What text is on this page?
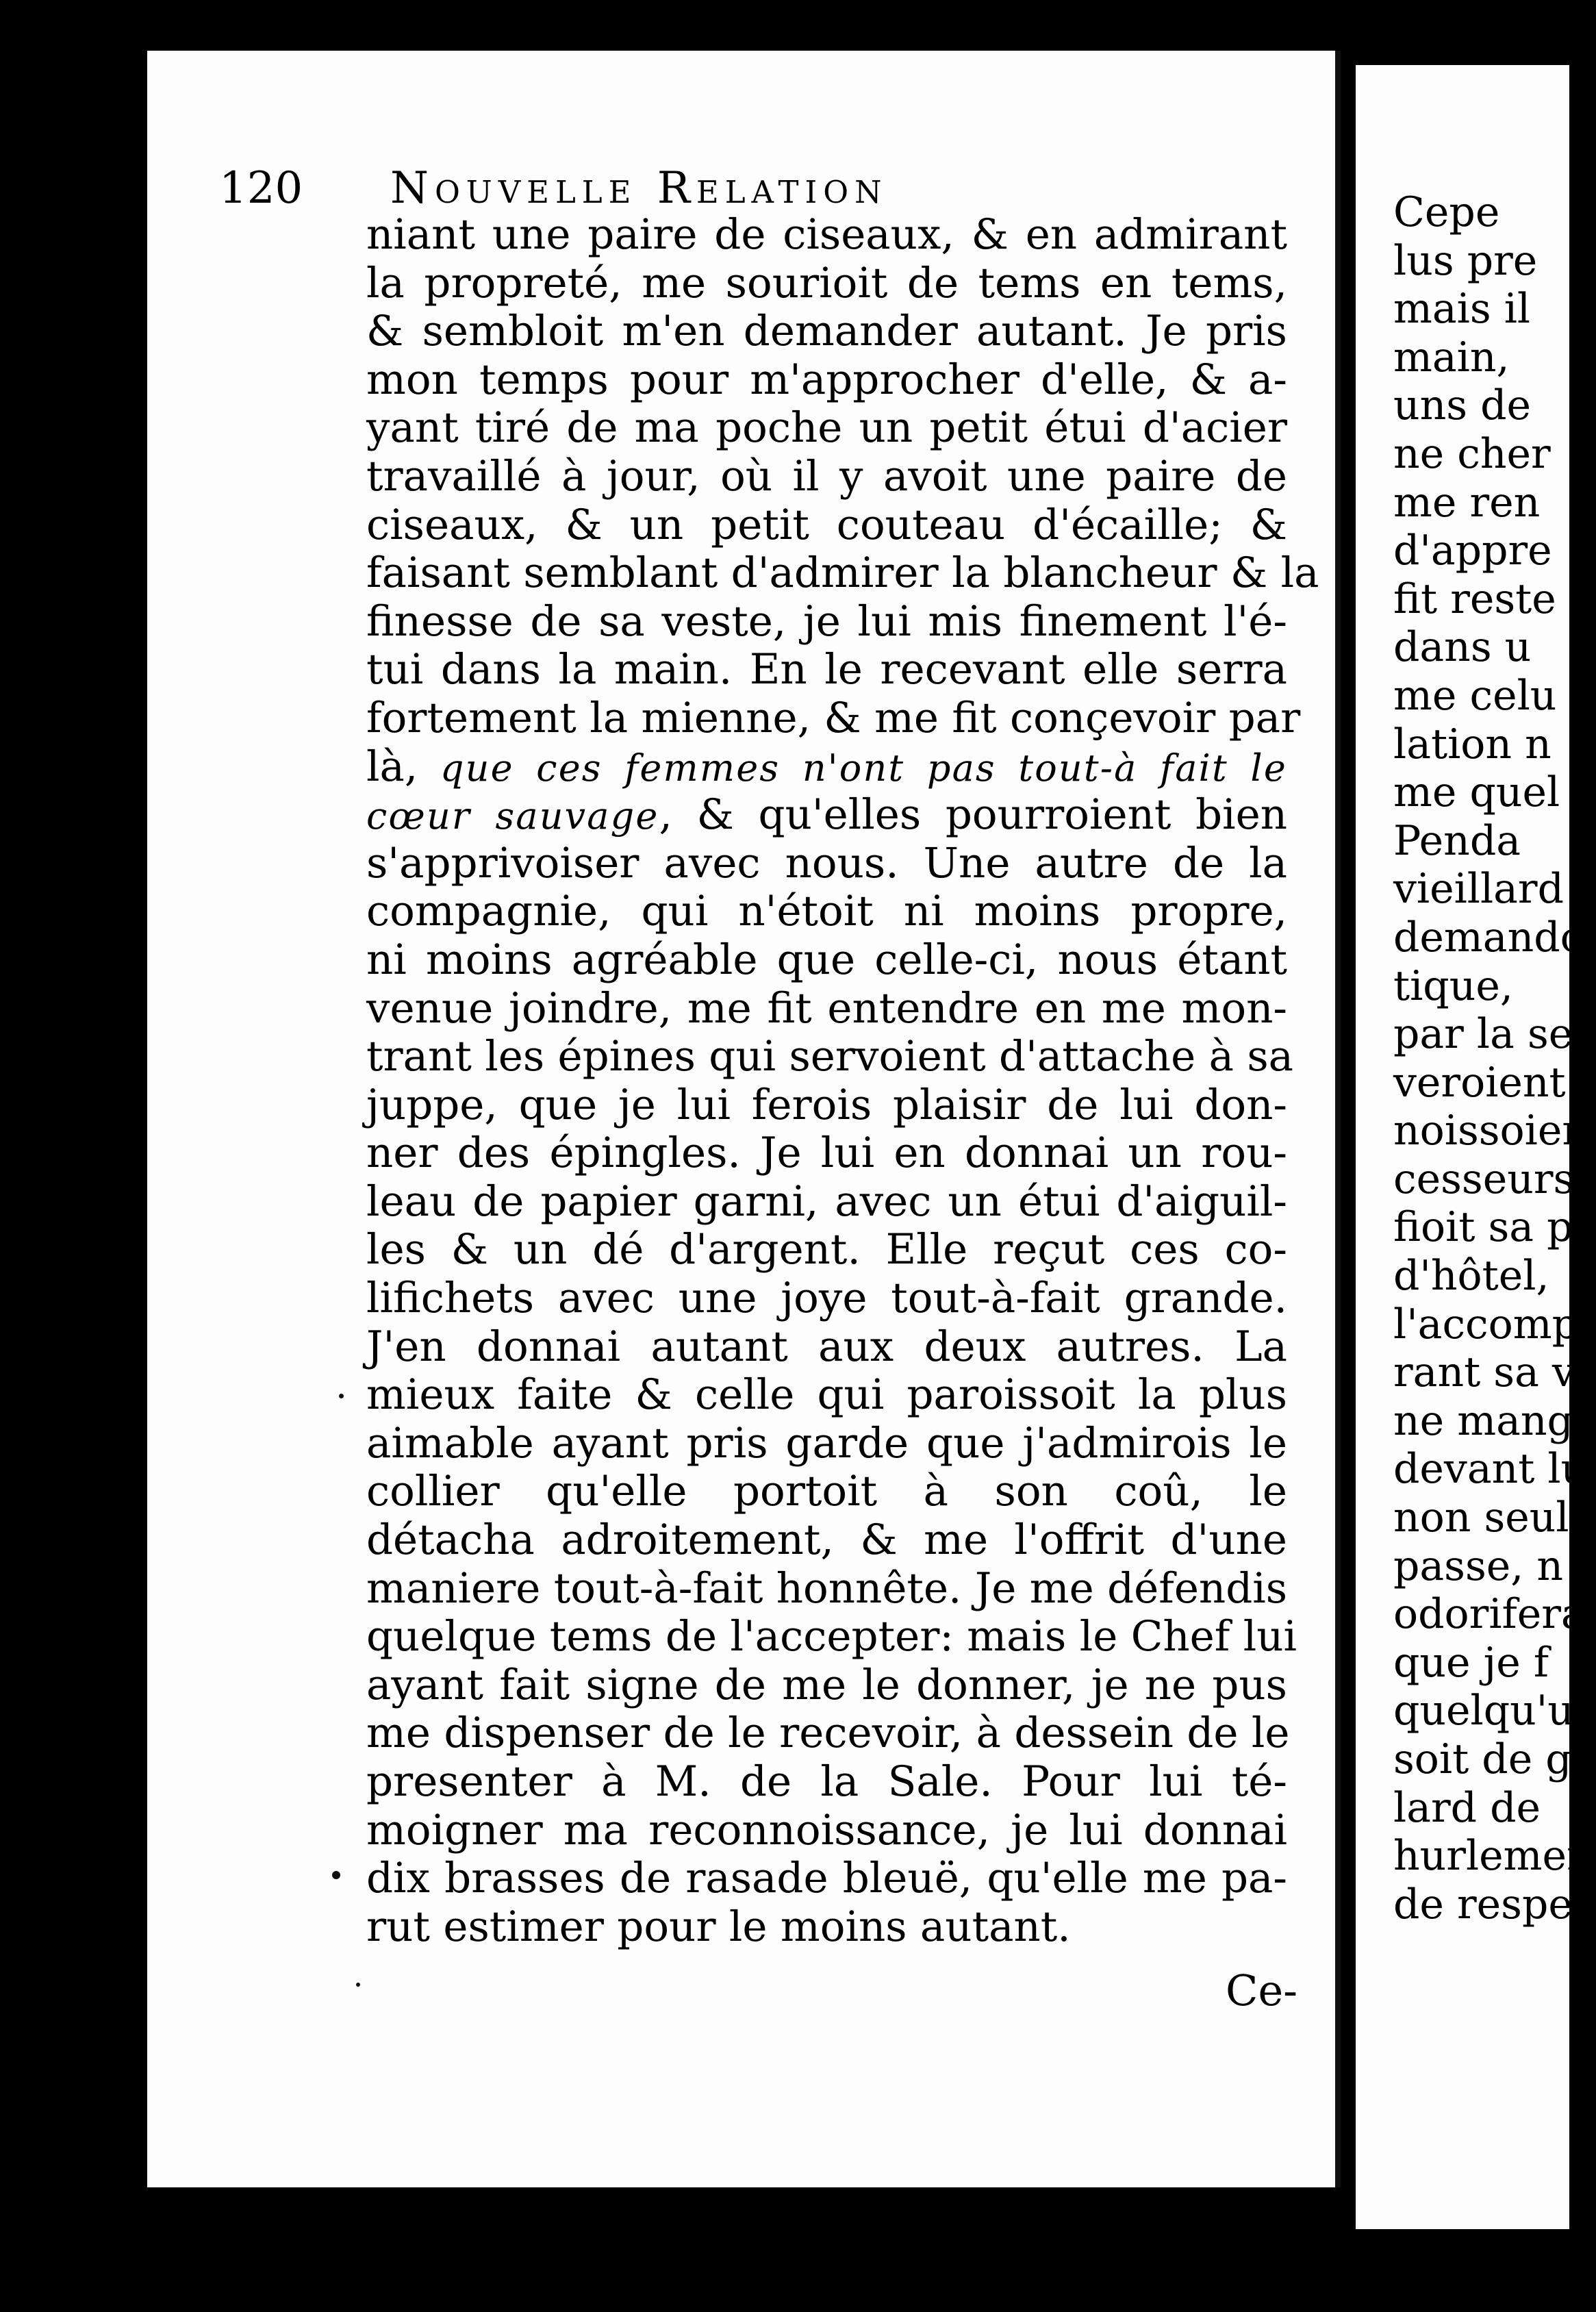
120 Nouvelle Relation
niant une paire de ciseaux, & en admirant
la propreté, me sourioit de tems en tems,
& sembloit m'en demander autant. Je pris
mon temps pour m'approcher d'elle, & a-
yant tiré de ma poche un petit étui d'acier
travaillé à jour, où il y avoit une paire de
ciseaux, & un petit couteau d'écaille; &
faisant semblant d'admirer la blancheur & la
finesse de sa veste, je lui mis finement l'é-
tui dans la main. En le recevant elle serra
fortement la mienne, & me fit conçevoir par
là, que ces femmes n'ont pas tout-à fait le
cœur sauvage, & qu'elles pourroient bien
s'apprivoiser avec nous. Une autre de la
compagnie, qui n'étoit ni moins propre,
ni moins agréable que celle-ci, nous étant
venue joindre, me fit entendre en me mon-
trant les épines qui servoient d'attache à sa
juppe, que je lui ferois plaisir de lui don-
ner des épingles. Je lui en donnai un rou-
leau de papier garni, avec un étui d'aiguil-
les & un dé d'argent. Elle reçut ces co-
lifichets avec une joye tout-à-fait grande.
J'en donnai autant aux deux autres. La
mieux faite & celle qui paroissoit la plus
aimable ayant pris garde que j'admirois le
collier qu'elle portoit à son coû, le
détacha adroitement, & me l'offrit d'une
maniere tout-à-fait honnête. Je me défendis
quelque tems de l'accepter: mais le Chef lui
ayant fait signe de me le donner, je ne pus
me dispenser de le recevoir, à dessein de le
presenter à M. de la Sale. Pour lui té-
moigner ma reconnoissance, je lui donnai
dix brasses de rasade bleuë, qu'elle me pa-
rut estimer pour le moins autant.
Ce-
Cepe
lus pre
mais il
main,
uns de
ne cher
me ren
d'appre
fit reste
dans u
me celu
lation n
me quel
Penda
vieillard
demando
tique,
par la se
veroient
noissoien
cesseurs
fioit sa p
d'hôtel,
l'accomp
rant sa v
ne mang
devant lu
non seul
passe, n
odorifera
que je f
quelqu'u
soit de g
lard de
hurlemen
de respec
